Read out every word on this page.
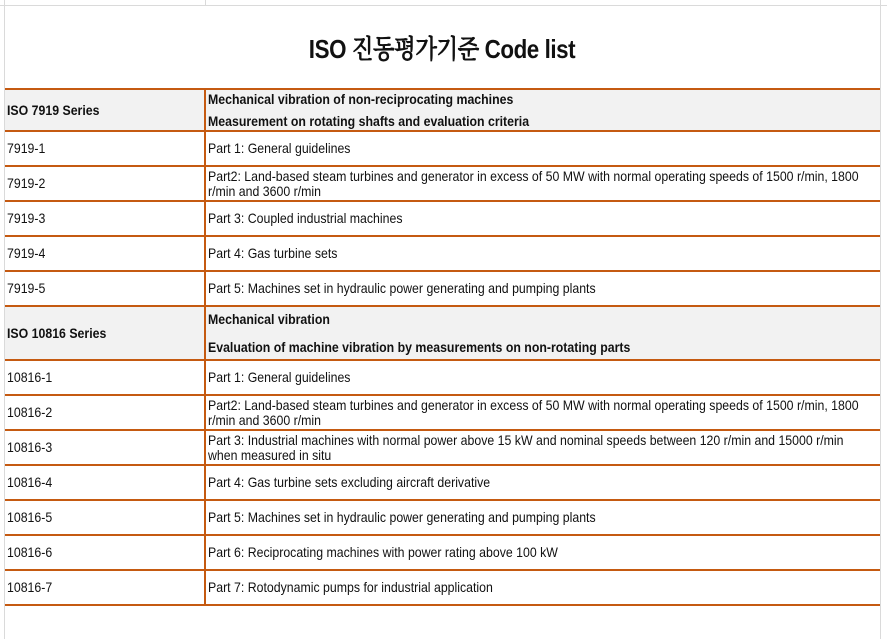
ISO 진동평가기준 Code list
ISO 7919 Series	Mechanical vibration of non-reciprocating machines
Measurement on rotating shafts and evaluation criteria

7919-1	Part 1: General guidelines
7919-2	Part2: Land-based steam turbines and generator in excess of 50 MW with normal operating speeds of 1500 r/min, 1800 r/min and 3600 r/min

7919-3	Part 3: Coupled industrial machines
7919-4	Part 4: Gas turbine sets
7919-5	Part 5: Machines set in hydraulic power generating and pumping plants
ISO 10816 Series	Mechanical vibration
Evaluation of machine vibration by measurements on non-rotating parts

10816-1	Part 1: General guidelines
10816-2	Part2: Land-based steam turbines and generator in excess of 50 MW with normal operating speeds of 1500 r/min, 1800 r/min and 3600 r/min

10816-3	Part 3: Industrial machines with normal power above 15 kW and nominal speeds between 120 r/min and 15000 r/min when measured in situ

10816-4	Part 4: Gas turbine sets excluding aircraft derivative
10816-5	Part 5: Machines set in hydraulic power generating and pumping plants
10816-6	Part 6: Reciprocating machines with power rating above 100 kW
10816-7	Part 7: Rotodynamic pumps for industrial application
